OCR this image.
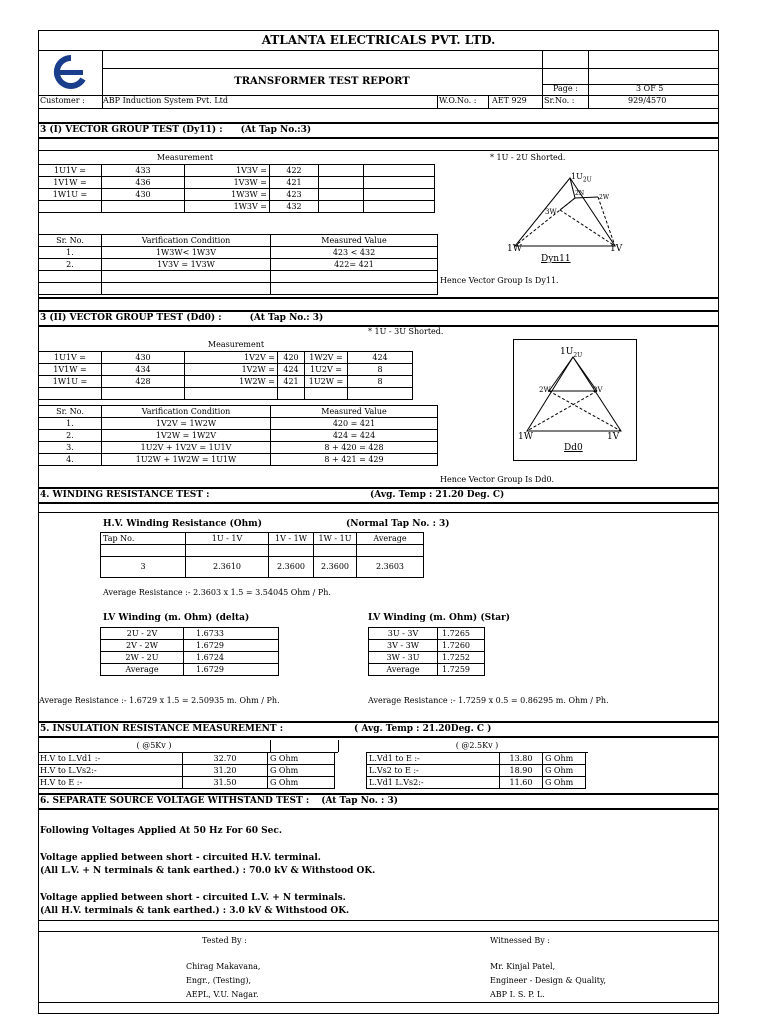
ATLANTA ELECTRICALS PVT. LTD.
TRANSFORMER TEST REPORT
Page :	3 OF 5
Customer : ABP Induction System Pvt. Ltd	W.O.No. : AET 929 Sr.No. :	929/4570
3 (I) VECTOR GROUP TEST (Dy11) : (At Tap No.:3)
Measurement	* 1U - 2U Shorted.
1U1V =	433	1V3V =	422		
1V1W =	436	1V3W =	421		
1W1U =	430	1W3W =	423		
		1W3V =	432		
Sr. No.	Varification Condition	Measured Value
1.	1W3W< 1W3V	423 < 432
2.	1V3V = 1V3W	422= 421

Hence Vector Group Is Dy11.
$1U_{2U}$
2N
2W
3W
1W	1V
Dyn11
3 (II) VECTOR GROUP TEST (Dd0) :	(At Tap No.: 3)
* 1U - 3U Shorted.
Measurement
1U1V =	430	1V2V =	420	1W2V =	424
1V1W =	434	1V2W =	424	1U2V =	8
1W1U =	428	1W2W =	421	1U2W =	8

Sr. No.	Varification Condition	Measured Value
1.	1V2V = 1W2W	420 = 421
2.	1V2W = 1W2V	424 = 424
3.	1U2V + 1V2V = 1U1V	8 + 420 = 428
4.	1U2W + 1W2W = 1U1W	8 + 421 = 429
Hence Vector Group Is Dd0.
$1U_{2U}$
2W	2V
1W	1V
Dd0
4. WINDING RESISTANCE TEST :	(Avg. Temp : 21.20 Deg. C)
H.V. Winding Resistance (Ohm)	(Normal Tap No. : 3)
Tap No.	1U - 1V	1V - 1W	1W - 1U	Average

3	2.3610	2.3600	2.3600	2.3603
Average Resistance :- 2.3603 x 1.5 = 3.54045 Ohm / Ph.
LV Winding (m. Ohm) (delta)
2U - 2V	1.6733
2V - 2W	1.6729
2W - 2U	1.6724
Average	1.6729
LV Winding (m. Ohm) (Star)
3U - 3V	1.7265
3V - 3W	1.7260
3W - 3U	1.7252
Average	1.7259
Average Resistance :- 1.6729 x 1.5 = 2.50935 m. Ohm / Ph.	Average Resistance :- 1.7259 x 0.5 = 0.86295 m. Ohm / Ph.
5. INSULATION RESISTANCE MEASUREMENT :	( Avg. Temp : 21.20Deg. C )
( @5Kv )	( @2.5Kv )
H.V to L.Vd1 :-	32.70	G Ohm
H.V to L.Vs2:-	31.20	G Ohm
H.V to E :-	31.50	G Ohm
L.Vd1 to E :-	13.80	G Ohm
L.Vs2 to E :-	18.90	G Ohm
L.Vd1 L.Vs2:-	11.60	G Ohm
6. SEPARATE SOURCE VOLTAGE WITHSTAND TEST : (At Tap No. : 3)
Following Voltages Applied At 50 Hz For 60 Sec.
Voltage applied between short - circuited H.V. terminal.
(All L.V. + N terminals & tank earthed.) : 70.0 kV & Withstood OK.
Voltage applied between short - circuited L.V. + N terminals.
(All H.V. terminals & tank earthed.) : 3.0 kV & Withstood OK.
Tested By :
Chirag Makavana,
Engr., (Testing),
AEPL, V.U. Nagar.
Witnessed By :
Mr. Kinjal Patel,
Engineer - Design & Quality,
ABP I. S. P. L.
